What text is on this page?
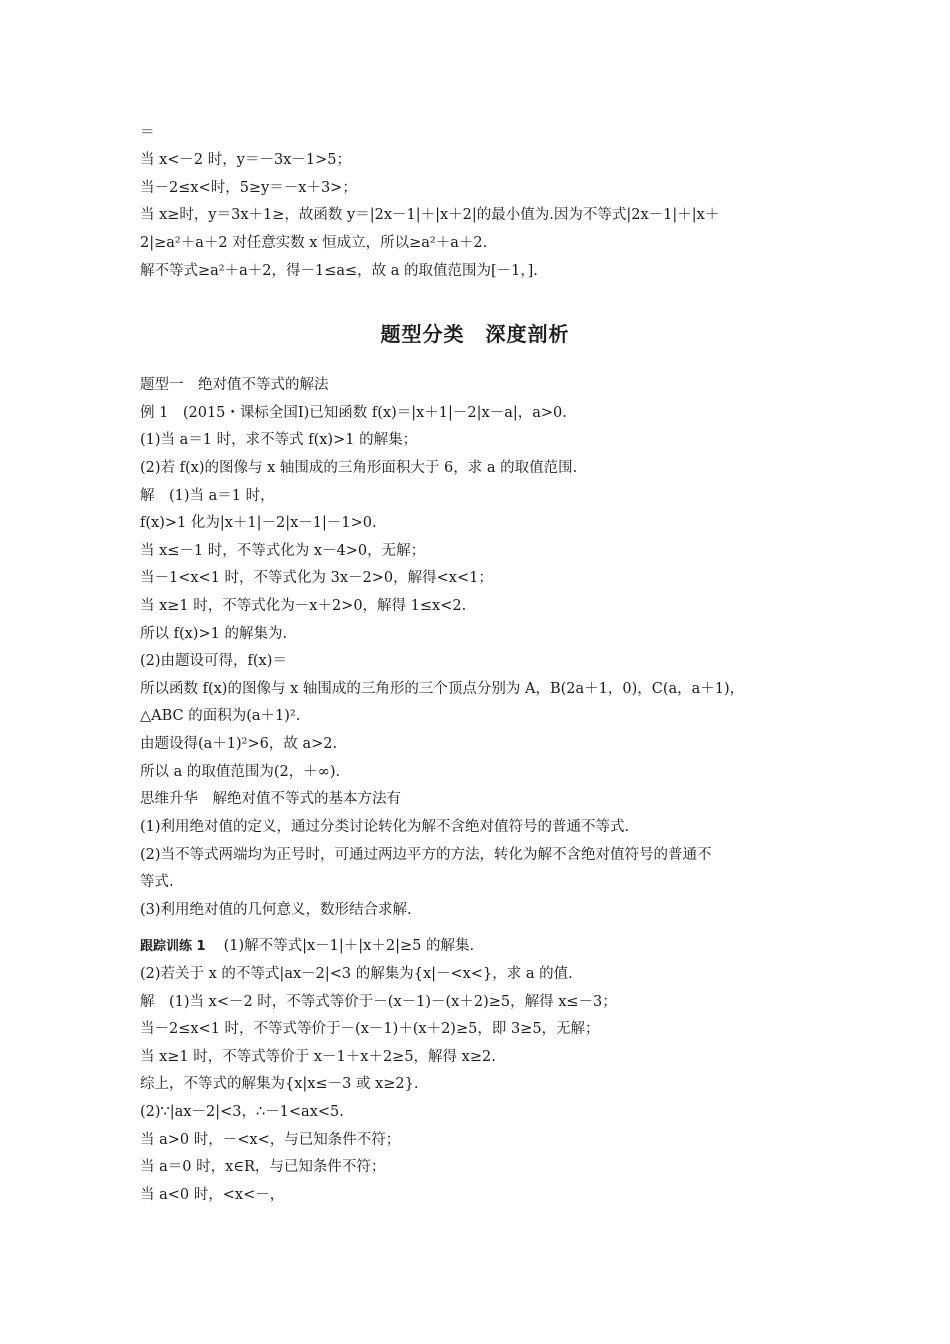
＝
当 x<－2 时，y＝－3x－1>5；
当－2≤x<时，5≥y＝－x＋3>；
当 x≥时，y＝3x＋1≥，故函数 y＝|2x－1|＋|x＋2|的最小值为.因为不等式|2x－1|＋|x＋
2|≥a²＋a＋2 对任意实数 x 恒成立，所以≥a²＋a＋2.
解不等式≥a²＋a＋2，得－1≤a≤，故 a 的取值范围为[－1，].
题型分类　深度剖析
题型一　绝对值不等式的解法
例 1　(2015・课标全国Ⅰ)已知函数 f(x)＝|x＋1|－2|x－a|，a>0.
(1)当 a＝1 时，求不等式 f(x)>1 的解集；
(2)若 f(x)的图像与 x 轴围成的三角形面积大于 6，求 a 的取值范围.
解　(1)当 a＝1 时，
f(x)>1 化为|x＋1|－2|x－1|－1>0.
当 x≤－1 时，不等式化为 x－4>0，无解；
当－1<x<1 时，不等式化为 3x－2>0，解得<x<1；
当 x≥1 时，不等式化为－x＋2>0，解得 1≤x<2.
所以 f(x)>1 的解集为.
(2)由题设可得，f(x)＝
所以函数 f(x)的图像与 x 轴围成的三角形的三个顶点分别为 A，B(2a＋1，0)，C(a，a＋1)，
△ABC 的面积为(a＋1)².
由题设得(a＋1)²>6，故 a>2.
所以 a 的取值范围为(2，＋∞).
思维升华　解绝对值不等式的基本方法有
(1)利用绝对值的定义，通过分类讨论转化为解不含绝对值符号的普通不等式.
(2)当不等式两端均为正号时，可通过两边平方的方法，转化为解不含绝对值符号的普通不
等式.
(3)利用绝对值的几何意义，数形结合求解.
跟踪训练 1 (1)解不等式|x－1|＋|x＋2|≥5 的解集.
(2)若关于 x 的不等式|ax－2|<3 的解集为{x|－<x<}，求 a 的值.
解　(1)当 x<－2 时，不等式等价于－(x－1)－(x＋2)≥5，解得 x≤－3；
当－2≤x<1 时，不等式等价于－(x－1)＋(x＋2)≥5，即 3≥5，无解；
当 x≥1 时，不等式等价于 x－1＋x＋2≥5，解得 x≥2.
综上，不等式的解集为{x|x≤－3 或 x≥2}.
(2)∵|ax－2|<3，∴－1<ax<5.
当 a>0 时，－<x<，与已知条件不符；
当 a＝0 时，x∈R，与已知条件不符；
当 a<0 时，<x<－，
